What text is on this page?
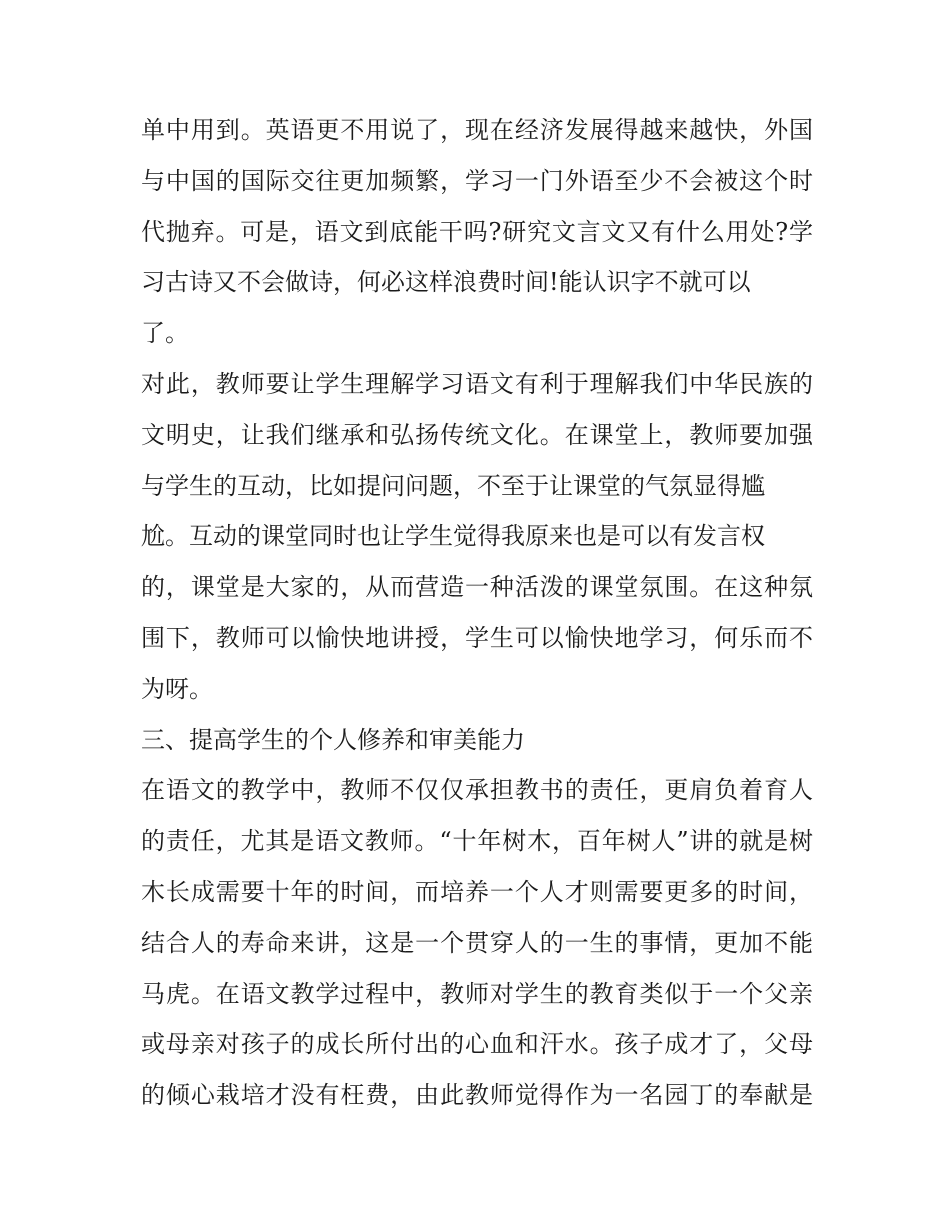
单中用到。英语更不用说了，现在经济发展得越来越快，外国
与中国的国际交往更加频繁，学习一门外语至少不会被这个时
代抛弃。可是，语文到底能干吗?研究文言文又有什么用处?学
习古诗又不会做诗，何必这样浪费时间!能认识字不就可以
了。
对此，教师要让学生理解学习语文有利于理解我们中华民族的
文明史，让我们继承和弘扬传统文化。在课堂上，教师要加强
与学生的互动，比如提问问题，不至于让课堂的气氛显得尴
尬。互动的课堂同时也让学生觉得我原来也是可以有发言权
的，课堂是大家的，从而营造一种活泼的课堂氛围。在这种氛
围下，教师可以愉快地讲授，学生可以愉快地学习，何乐而不
为呀。
三、提高学生的个人修养和审美能力
在语文的教学中，教师不仅仅承担教书的责任，更肩负着育人
的责任，尤其是语文教师。“十年树木，百年树人”讲的就是树
木长成需要十年的时间，而培养一个人才则需要更多的时间，
结合人的寿命来讲，这是一个贯穿人的一生的事情，更加不能
马虎。在语文教学过程中，教师对学生的教育类似于一个父亲
或母亲对孩子的成长所付出的心血和汗水。孩子成才了，父母
的倾心栽培才没有枉费，由此教师觉得作为一名园丁的奉献是
